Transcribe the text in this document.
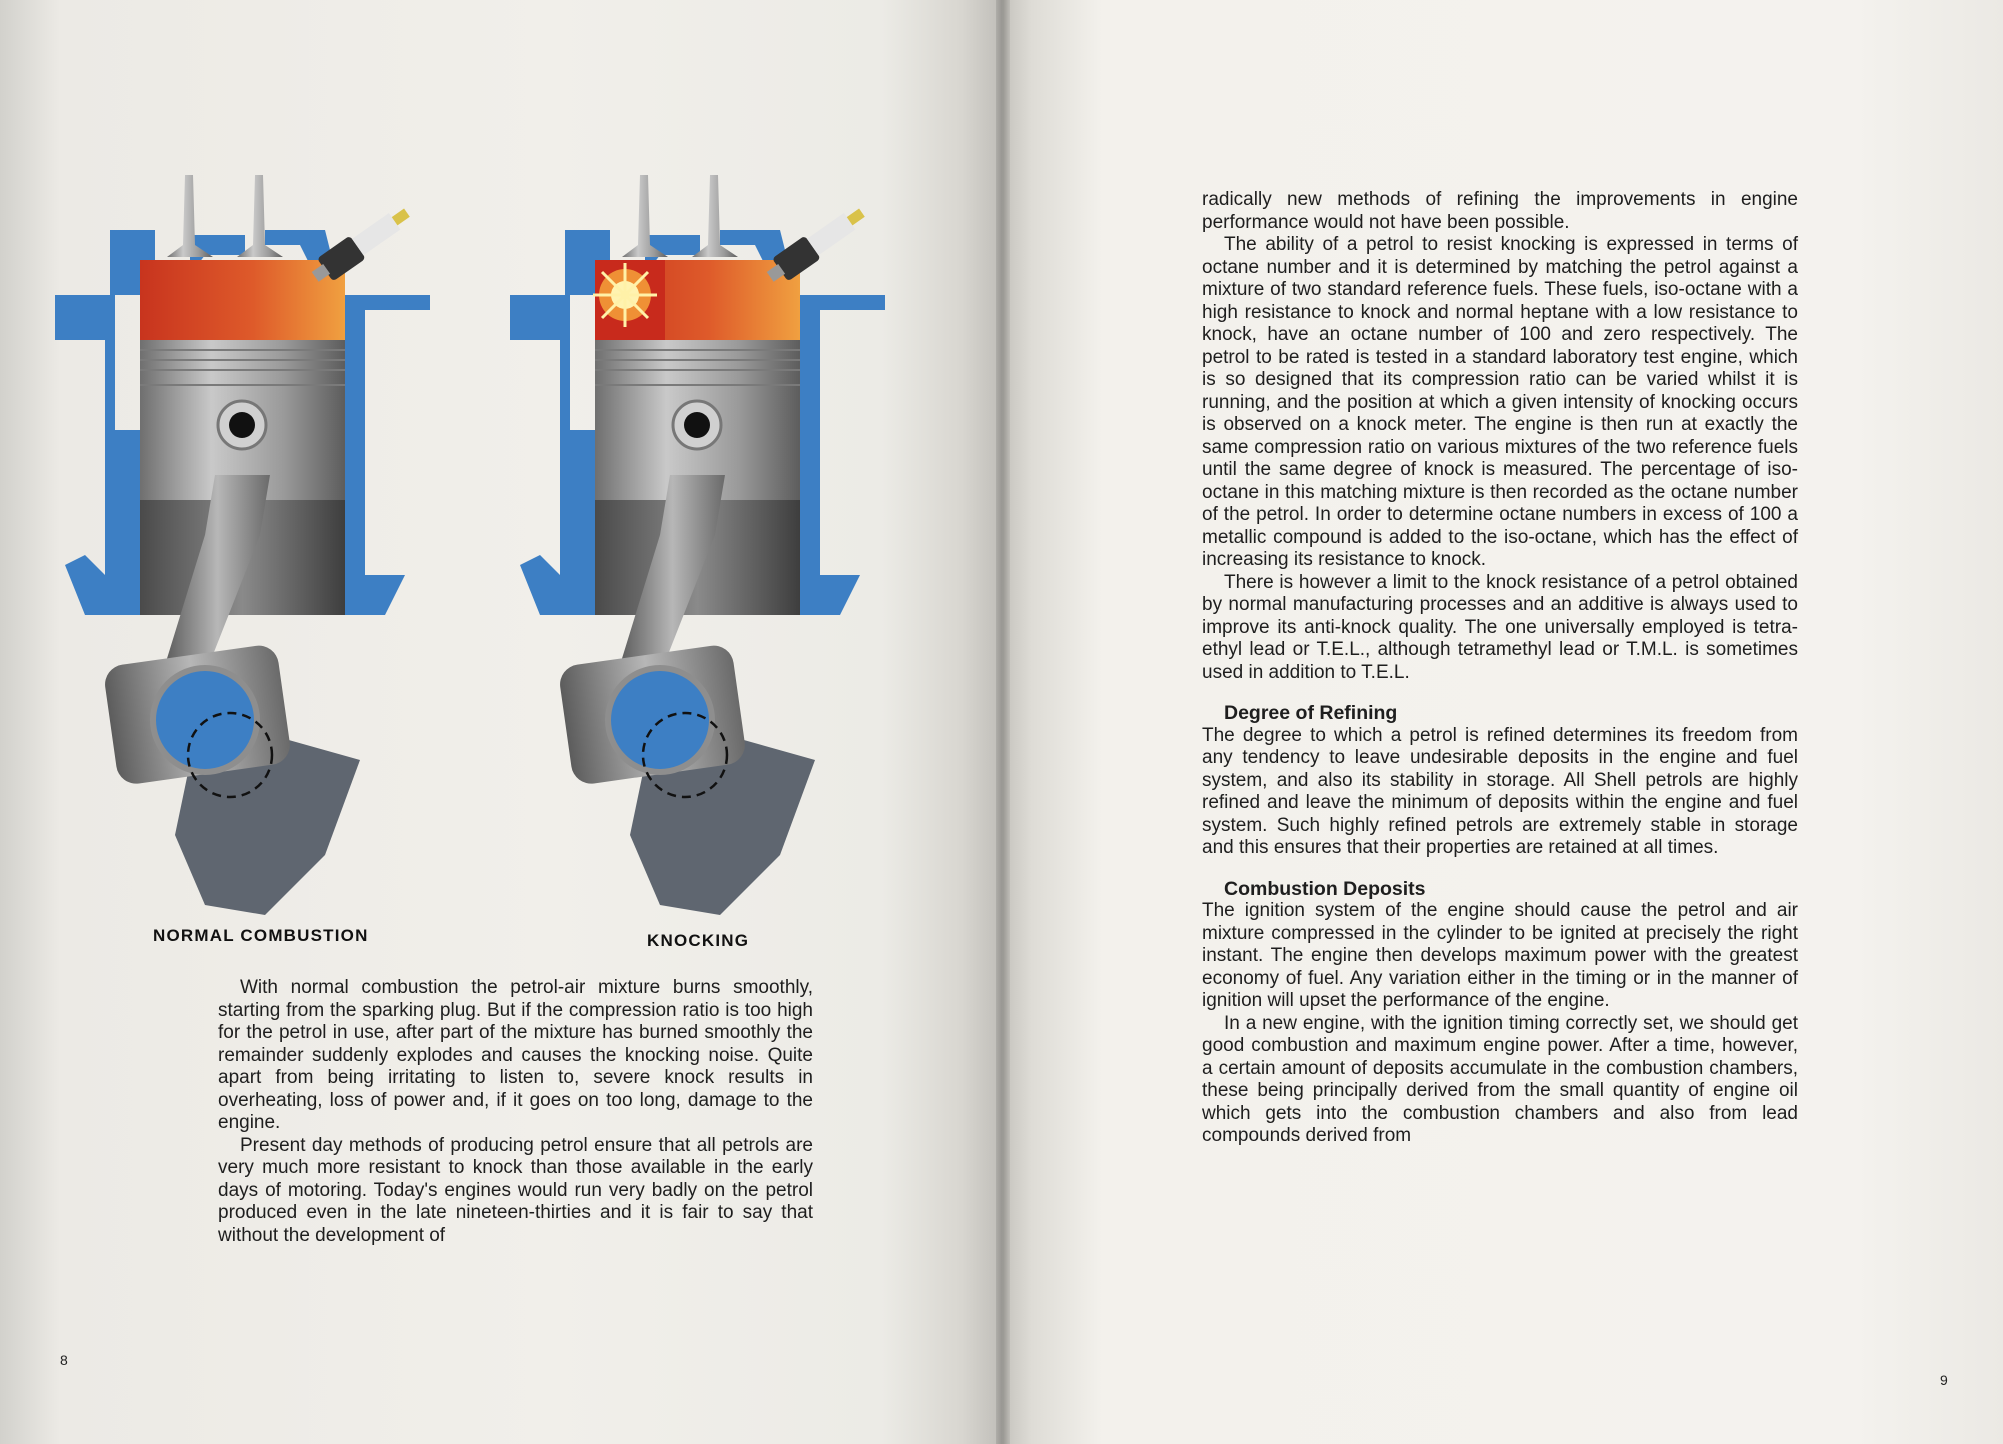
NORMAL COMBUSTION	KNOCKING

With normal combustion the petrol-air mixture burns smoothly, starting from the sparking plug. But if the compression ratio is too high for the petrol in use, after part of the mixture has burned smoothly the remainder suddenly explodes and causes the knocking noise. Quite apart from being irritating to listen to, severe knock results in overheating, loss of power and, if it goes on too long, damage to the engine.

Present day methods of producing petrol ensure that all petrols are very much more resistant to knock than those available in the early days of motoring. Today's engines would run very badly on the petrol produced even in the late nineteen-thirties and it is fair to say that without the development of

8

radically new methods of refining the improvements in engine performance would not have been possible.

The ability of a petrol to resist knocking is expressed in terms of octane number and it is determined by matching the petrol against a mixture of two standard reference fuels. These fuels, iso-octane with a high resistance to knock and normal heptane with a low resistance to knock, have an octane number of 100 and zero respectively. The petrol to be rated is tested in a standard laboratory test engine, which is so designed that its compression ratio can be varied whilst it is running, and the position at which a given intensity of knocking occurs is observed on a knock meter. The engine is then run at exactly the same compression ratio on various mixtures of the two reference fuels until the same degree of knock is measured. The percentage of iso-octane in this matching mixture is then recorded as the octane number of the petrol. In order to determine octane numbers in excess of 100 a metallic compound is added to the iso-octane, which has the effect of increasing its resistance to knock.

There is however a limit to the knock resistance of a petrol obtained by normal manufacturing processes and an additive is always used to improve its anti-knock quality. The one universally employed is tetra-ethyl lead or T.E.L., although tetramethyl lead or T.M.L. is sometimes used in addition to T.E.L.

Degree of Refining

The degree to which a petrol is refined determines its freedom from any tendency to leave undesirable deposits in the engine and fuel system, and also its stability in storage. All Shell petrols are highly refined and leave the minimum of deposits within the engine and fuel system. Such highly refined petrols are extremely stable in storage and this ensures that their properties are retained at all times.

Combustion Deposits

The ignition system of the engine should cause the petrol and air mixture compressed in the cylinder to be ignited at precisely the right instant. The engine then develops maximum power with the greatest economy of fuel. Any variation either in the timing or in the manner of ignition will upset the performance of the engine.

In a new engine, with the ignition timing correctly set, we should get good combustion and maximum engine power. After a time, however, a certain amount of deposits accumulate in the combustion chambers, these being principally derived from the small quantity of engine oil which gets into the combustion chambers and also from lead compounds derived from

9
